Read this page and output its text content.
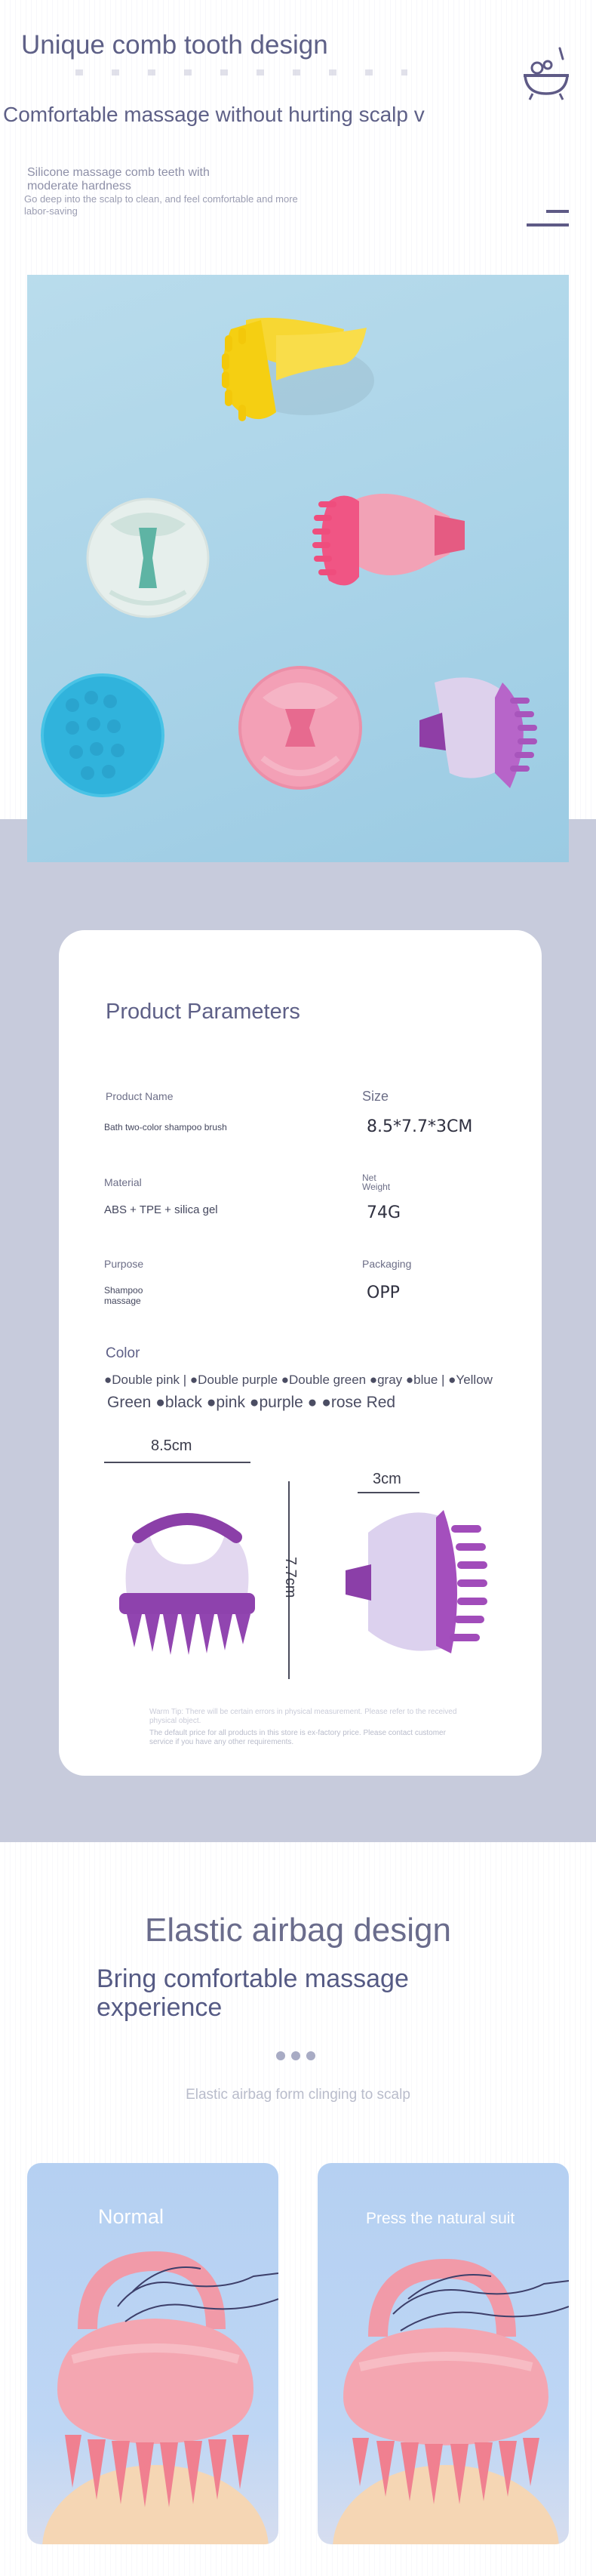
Unique comb tooth design
Comfortable massage without hurting scalp v
Silicone massage comb teeth with moderate hardness
Go deep into the scalp to clean, and feel comfortable and more labor-saving
Product Parameters
Product Name
Bath two-color shampoo brush
Size
8.5*7.7*3CM
Material
ABS + TPE + silica gel
Net Weight
74G
Purpose
Shampoo massage
Packaging
OPP
Color
●Double pink | ●Double purple ●Double green ●gray ●blue | ●Yellow
Green ●black ●pink ●purple ● ●rose Red
8.5cm
3cm
7.7cm
Warm Tip: There will be certain errors in physical measurement. Please refer to the received physical object.
The default price for all products in this store is ex-factory price. Please contact customer service if you have any other requirements.
Elastic airbag design
Bring comfortable massage experience
Elastic airbag form clinging to scalp
Normal	Press the natural suit
